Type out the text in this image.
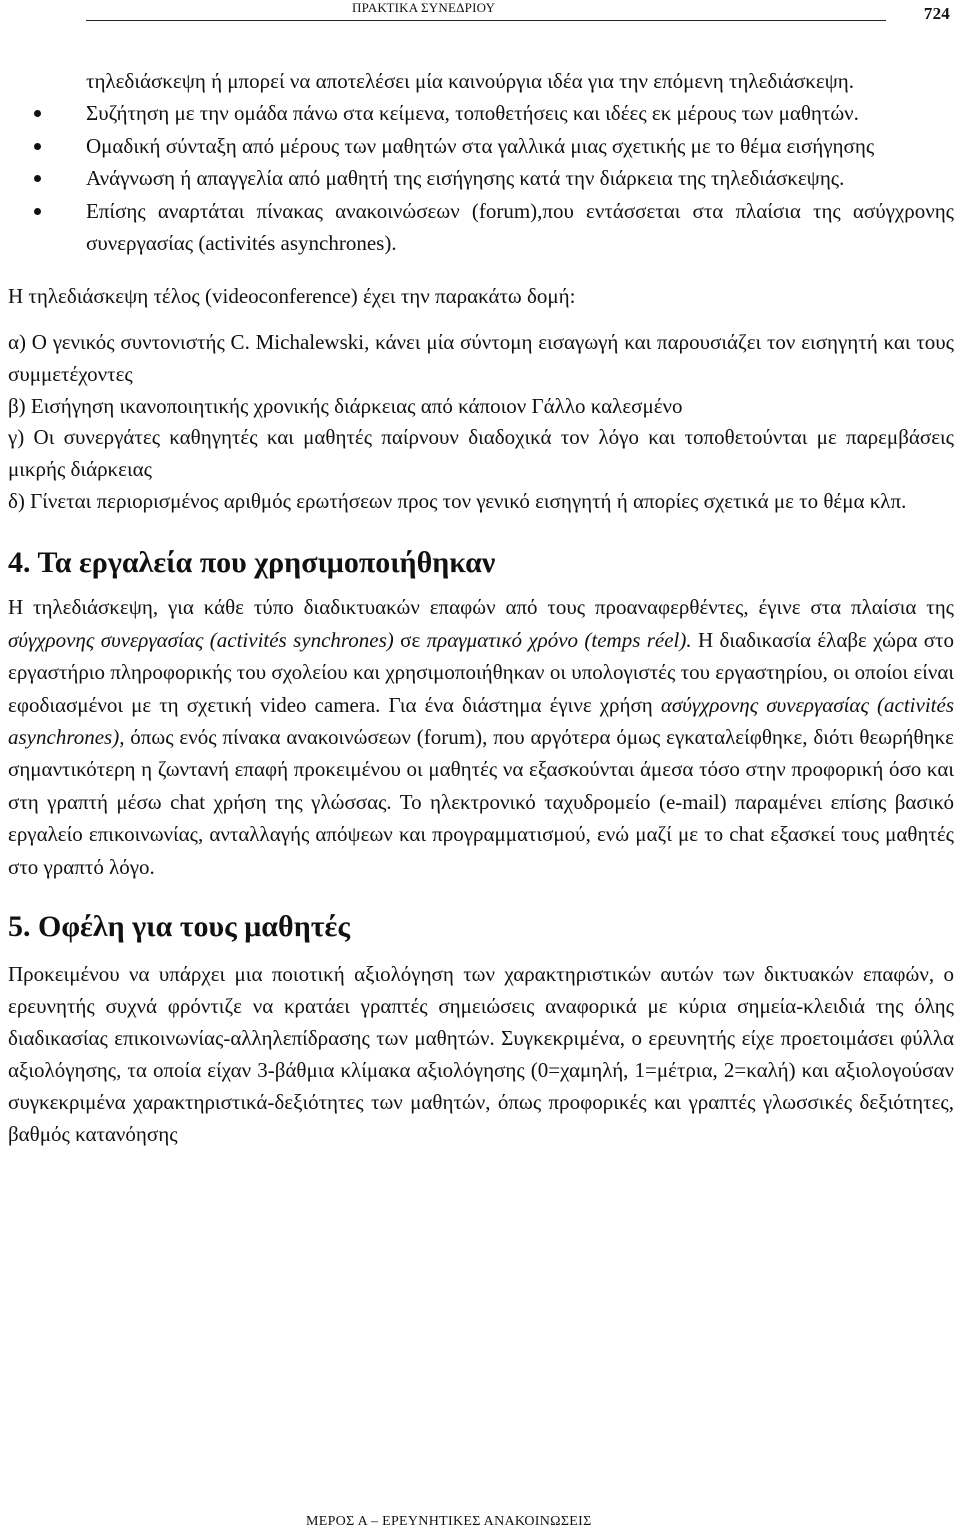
ΠΡΑΚΤΙΚΑ ΣΥΝΕΔΡΙΟΥ	724
τηλεδιάσκεψη ή μπορεί να αποτελέσει μία καινούργια ιδέα για την επόμενη τηλεδιάσκεψη.
Συζήτηση με την ομάδα πάνω στα κείμενα, τοποθετήσεις και ιδέες εκ μέρους των μαθητών.
Ομαδική σύνταξη από μέρους των μαθητών στα γαλλικά μιας σχετικής με το θέμα εισήγησης
Ανάγνωση ή απαγγελία από μαθητή της εισήγησης κατά την διάρκεια της τηλεδιάσκεψης.
Επίσης αναρτάται πίνακας ανακοινώσεων (forum),που εντάσσεται στα πλαίσια της ασύγχρονης συνεργασίας (activités asynchrones).

Η τηλεδιάσκεψη τέλος (videoconference) έχει την παρακάτω δομή:

α) Ο γενικός συντονιστής C. Michalewski, κάνει μία σύντομη εισαγωγή και παρουσιάζει τον εισηγητή και τους συμμετέχοντες

β) Εισήγηση ικανοποιητικής χρονικής διάρκειας από κάποιον Γάλλο καλεσμένο

γ) Οι συνεργάτες καθηγητές και μαθητές παίρνουν διαδοχικά τον λόγο και τοποθετούνται με παρεμβάσεις μικρής διάρκειας

δ) Γίνεται περιορισμένος αριθμός ερωτήσεων προς τον γενικό εισηγητή ή απορίες σχετικά με το θέμα κλπ.

4. Τα εργαλεία που χρησιμοποιήθηκαν

Η τηλεδιάσκεψη, για κάθε τύπο διαδικτυακών επαφών από τους προαναφερθέντες, έγινε στα πλαίσια της σύγχρονης συνεργασίας (activités synchrones) σε πραγματικό χρόνο (temps réel). Η διαδικασία έλαβε χώρα στο εργαστήριο πληροφορικής του σχολείου και χρησιμοποιήθηκαν οι υπολογιστές του εργαστηρίου, οι οποίοι είναι εφοδιασμένοι με τη σχετική video camera. Για ένα διάστημα έγινε χρήση ασύγχρονης συνεργασίας (activités asynchrones), όπως ενός πίνακα ανακοινώσεων (forum), που αργότερα όμως εγκαταλείφθηκε, διότι θεωρήθηκε σημαντικότερη η ζωντανή επαφή προκειμένου οι μαθητές να εξασκούνται άμεσα τόσο στην προφορική όσο και στη γραπτή μέσω chat χρήση της γλώσσας. Το ηλεκτρονικό ταχυδρομείο (e-mail) παραμένει επίσης βασικό εργαλείο επικοινωνίας, ανταλλαγής απόψεων και προγραμματισμού, ενώ μαζί με το chat εξασκεί τους μαθητές στο γραπτό λόγο.

5. Οφέλη για τους μαθητές

Προκειμένου να υπάρχει μια ποιοτική αξιολόγηση των χαρακτηριστικών αυτών των δικτυακών επαφών, ο ερευνητής συχνά φρόντιζε να κρατάει γραπτές σημειώσεις αναφορικά με κύρια σημεία-κλειδιά της όλης διαδικασίας επικοινωνίας-αλληλεπίδρασης των μαθητών. Συγκεκριμένα, ο ερευνητής είχε προετοιμάσει φύλλα αξιολόγησης, τα οποία είχαν 3-βάθμια κλίμακα αξιολόγησης (0=χαμηλή, 1=μέτρια, 2=καλή) και αξιολογούσαν συγκεκριμένα χαρακτηριστικά-δεξιότητες των μαθητών, όπως προφορικές και γραπτές γλωσσικές δεξιότητες, βαθμός κατανόησης

ΜΕΡΟΣ Α – ΕΡΕΥΝΗΤΙΚΕΣ ΑΝΑΚΟΙΝΩΣΕΙΣ
